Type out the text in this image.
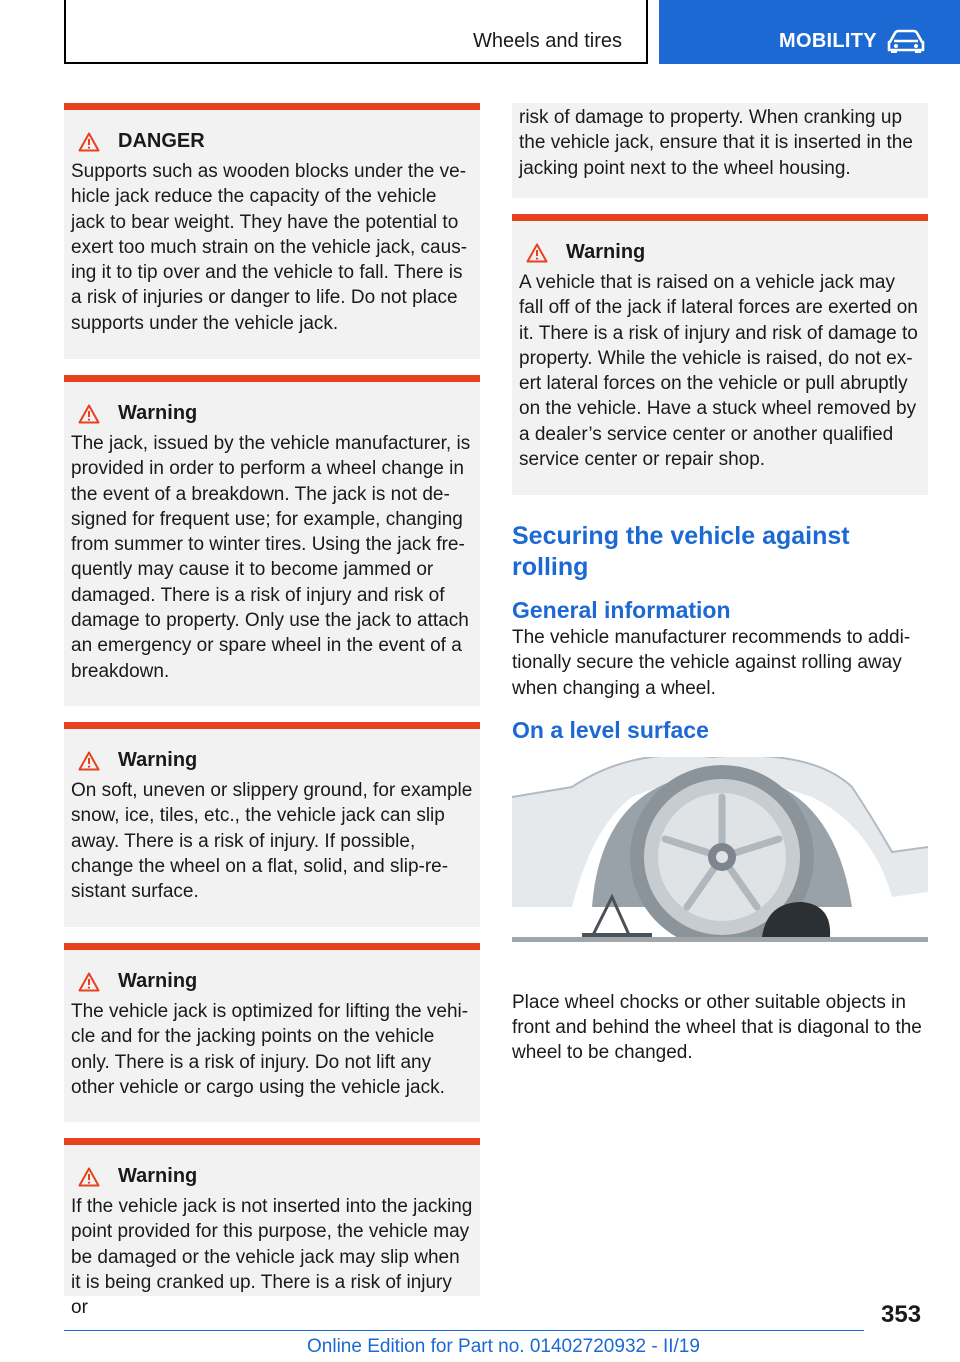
Wheels and tires	MOBILITY
DANGER
Supports such as wooden blocks under the vehicle jack reduce the capacity of the vehicle jack to bear weight. They have the potential to exert too much strain on the vehicle jack, causing it to tip over and the vehicle to fall. There is a risk of injuries or danger to life. Do not place supports under the vehicle jack.
Warning
The jack, issued by the vehicle manufacturer, is provided in order to perform a wheel change in the event of a breakdown. The jack is not designed for frequent use; for example, changing from summer to winter tires. Using the jack frequently may cause it to become jammed or damaged. There is a risk of injury and risk of damage to property. Only use the jack to attach an emergency or spare wheel in the event of a breakdown.
Warning
On soft, uneven or slippery ground, for example snow, ice, tiles, etc., the vehicle jack can slip away. There is a risk of injury. If possible, change the wheel on a flat, solid, and slip-resistant surface.
Warning
The vehicle jack is optimized for lifting the vehicle and for the jacking points on the vehicle only. There is a risk of injury. Do not lift any other vehicle or cargo using the vehicle jack.
Warning
If the vehicle jack is not inserted into the jacking point provided for this purpose, the vehicle may be damaged or the vehicle jack may slip when it is being cranked up. There is a risk of injury or
risk of damage to property. When cranking up the vehicle jack, ensure that it is inserted in the jacking point next to the wheel housing.
Warning
A vehicle that is raised on a vehicle jack may fall off of the jack if lateral forces are exerted on it. There is a risk of injury and risk of damage to property. While the vehicle is raised, do not exert lateral forces on the vehicle or pull abruptly on the vehicle. Have a stuck wheel removed by a dealer’s service center or another qualified service center or repair shop.
Securing the vehicle against rolling
General information
The vehicle manufacturer recommends to additionally secure the vehicle against rolling away when changing a wheel.
On a level surface
Place wheel chocks or other suitable objects in front and behind the wheel that is diagonal to the wheel to be changed.
353
Online Edition for Part no. 01402720932 - II/19
